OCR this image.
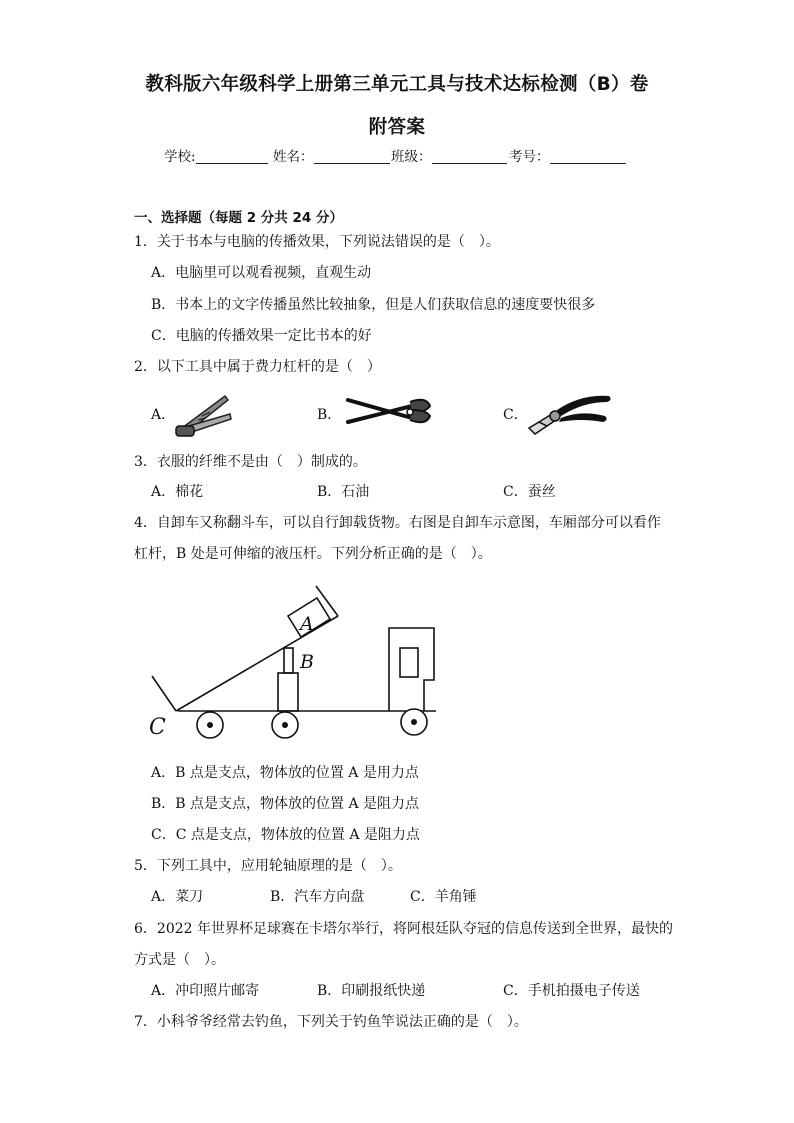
教科版六年级科学上册第三单元工具与技术达标检测（B）卷
附答案
学校:	姓名：	班级：	考号：
一、选择题（每题 2 分共 24 分）
1．关于书本与电脑的传播效果，下列说法错误的是（　）。
A．电脑里可以观看视频，直观生动
B．书本上的文字传播虽然比较抽象，但是人们获取信息的速度要快很多
C．电脑的传播效果一定比书本的好
2．以下工具中属于费力杠杆的是（　）
A．	B．	C．
3．衣服的纤维不是由（　）制成的。
A．棉花	B．石油	C．蚕丝
4．自卸车又称翻斗车，可以自行卸载货物。右图是自卸车示意图，车厢部分可以看作
杠杆，B 处是可伸缩的液压杆。下列分析正确的是（　）。
A
B
C
A．B 点是支点，物体放的位置 A 是用力点
B．B 点是支点，物体放的位置 A 是阻力点
C．C 点是支点，物体放的位置 A 是阻力点
5．下列工具中，应用轮轴原理的是（　）。
A．菜刀	B．汽车方向盘	C．羊角锤
6．2022 年世界杯足球赛在卡塔尔举行，将阿根廷队夺冠的信息传送到全世界，最快的
方式是（　）。
A．冲印照片邮寄	B．印刷报纸快递	C．手机拍摄电子传送
7．小科爷爷经常去钓鱼，下列关于钓鱼竿说法正确的是（　）。
